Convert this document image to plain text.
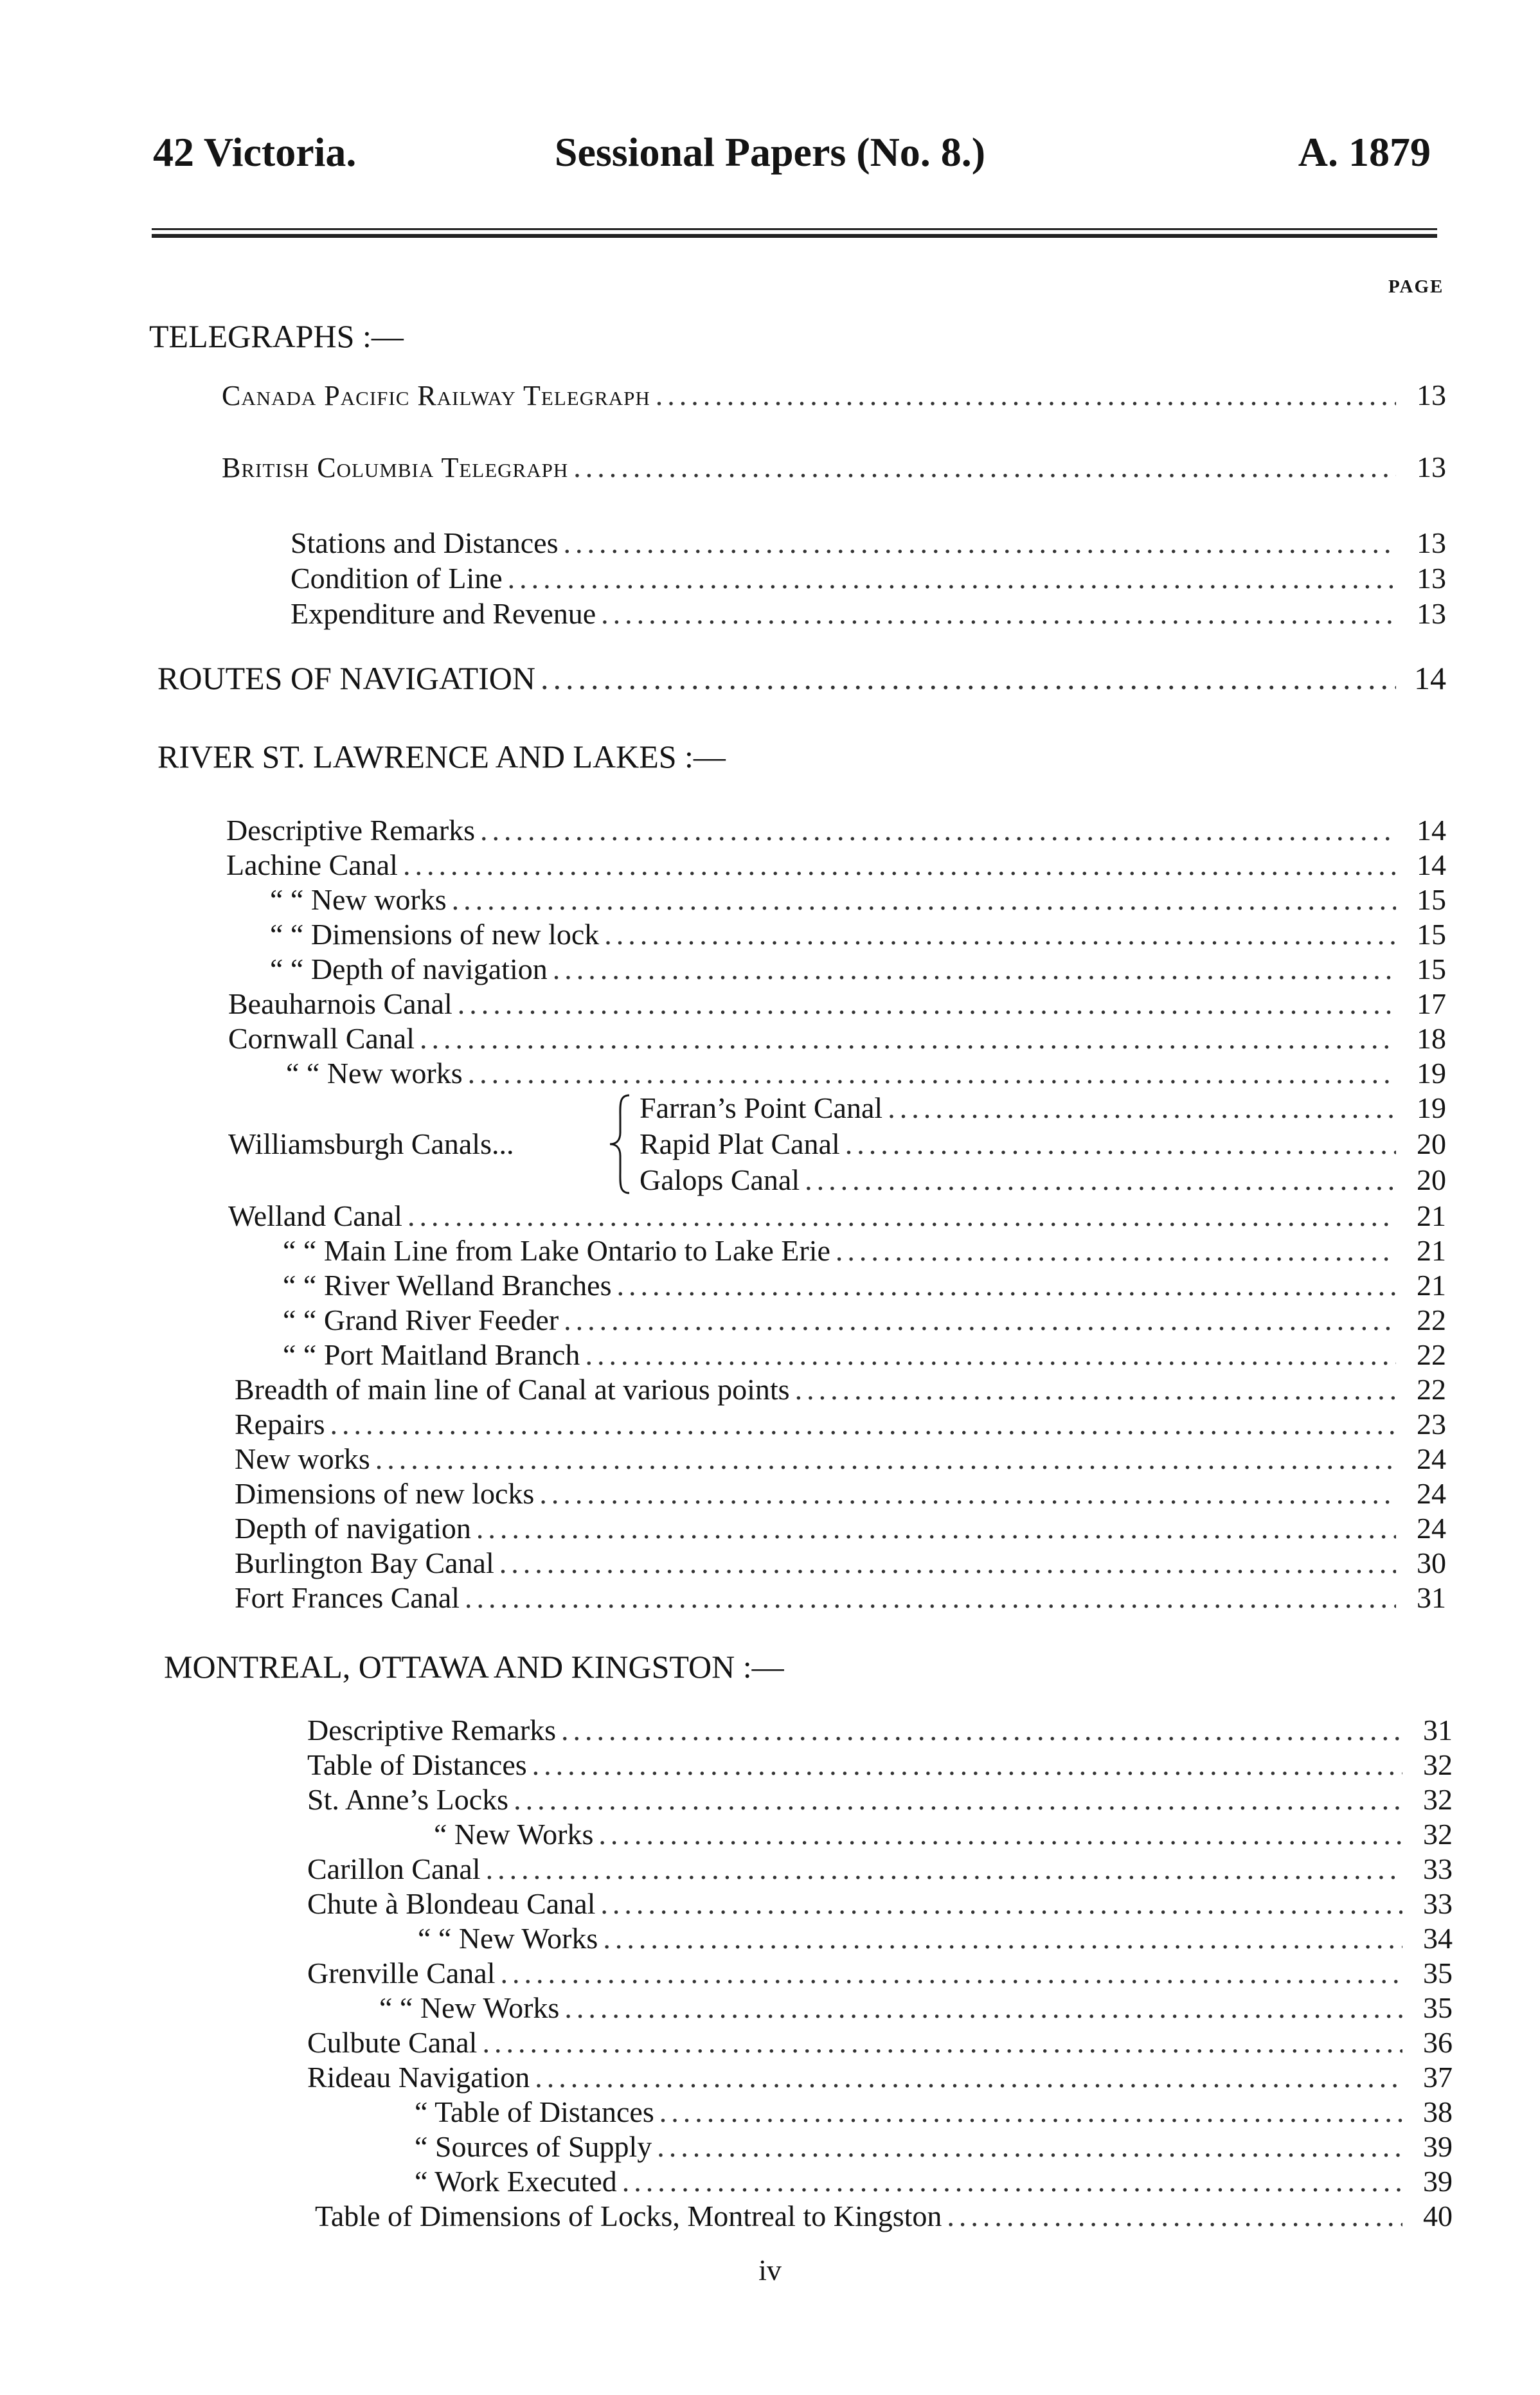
42 Victoria.	Sessional Papers (No. 8.)	A. 1879
PAGE
TELEGRAPHS :—
Canada Pacific Railway Telegraph .....	13
British Columbia Telegraph .....	13
Stations and Distances .....	13
Condition of Line .....	13
Expenditure and Revenue .....	13
ROUTES OF NAVIGATION .....	14
RIVER ST. LAWRENCE AND LAKES :—
Descriptive Remarks .....	14
Lachine Canal .....	14
“ “ New works .....	15
“ “ Dimensions of new lock .....	15
“ “ Depth of navigation .....	15
Beauharnois Canal .....	17
Cornwall Canal .....	18
“ “ New works .....	19
Williamsburgh Canals...
Farran’s Point Canal .....	19
Rapid Plat Canal .....	20
Galops Canal .....	20
Welland Canal .....	21
“ “ Main Line from Lake Ontario to Lake Erie .....	21
“ “ River Welland Branches .....	21
“ “ Grand River Feeder .....	22
“ “ Port Maitland Branch .....	22
Breadth of main line of Canal at various points .....	22
Repairs .....	23
New works .....	24
Dimensions of new locks .....	24
Depth of navigation .....	24
Burlington Bay Canal .....	30
Fort Frances Canal .....	31
MONTREAL, OTTAWA AND KINGSTON :—
Descriptive Remarks .....	31
Table of Distances .....	32
St. Anne’s Locks .....	32
“ New Works .....	32
Carillon Canal .....	33
Chute à Blondeau Canal .....	33
“ “ New Works .....	34
Grenville Canal .....	35
“ “ New Works .....	35
Culbute Canal .....	36
Rideau Navigation .....	37
“ Table of Distances .....	38
“ Sources of Supply .....	39
“ Work Executed .....	39
Table of Dimensions of Locks, Montreal to Kingston .....	40
iv
